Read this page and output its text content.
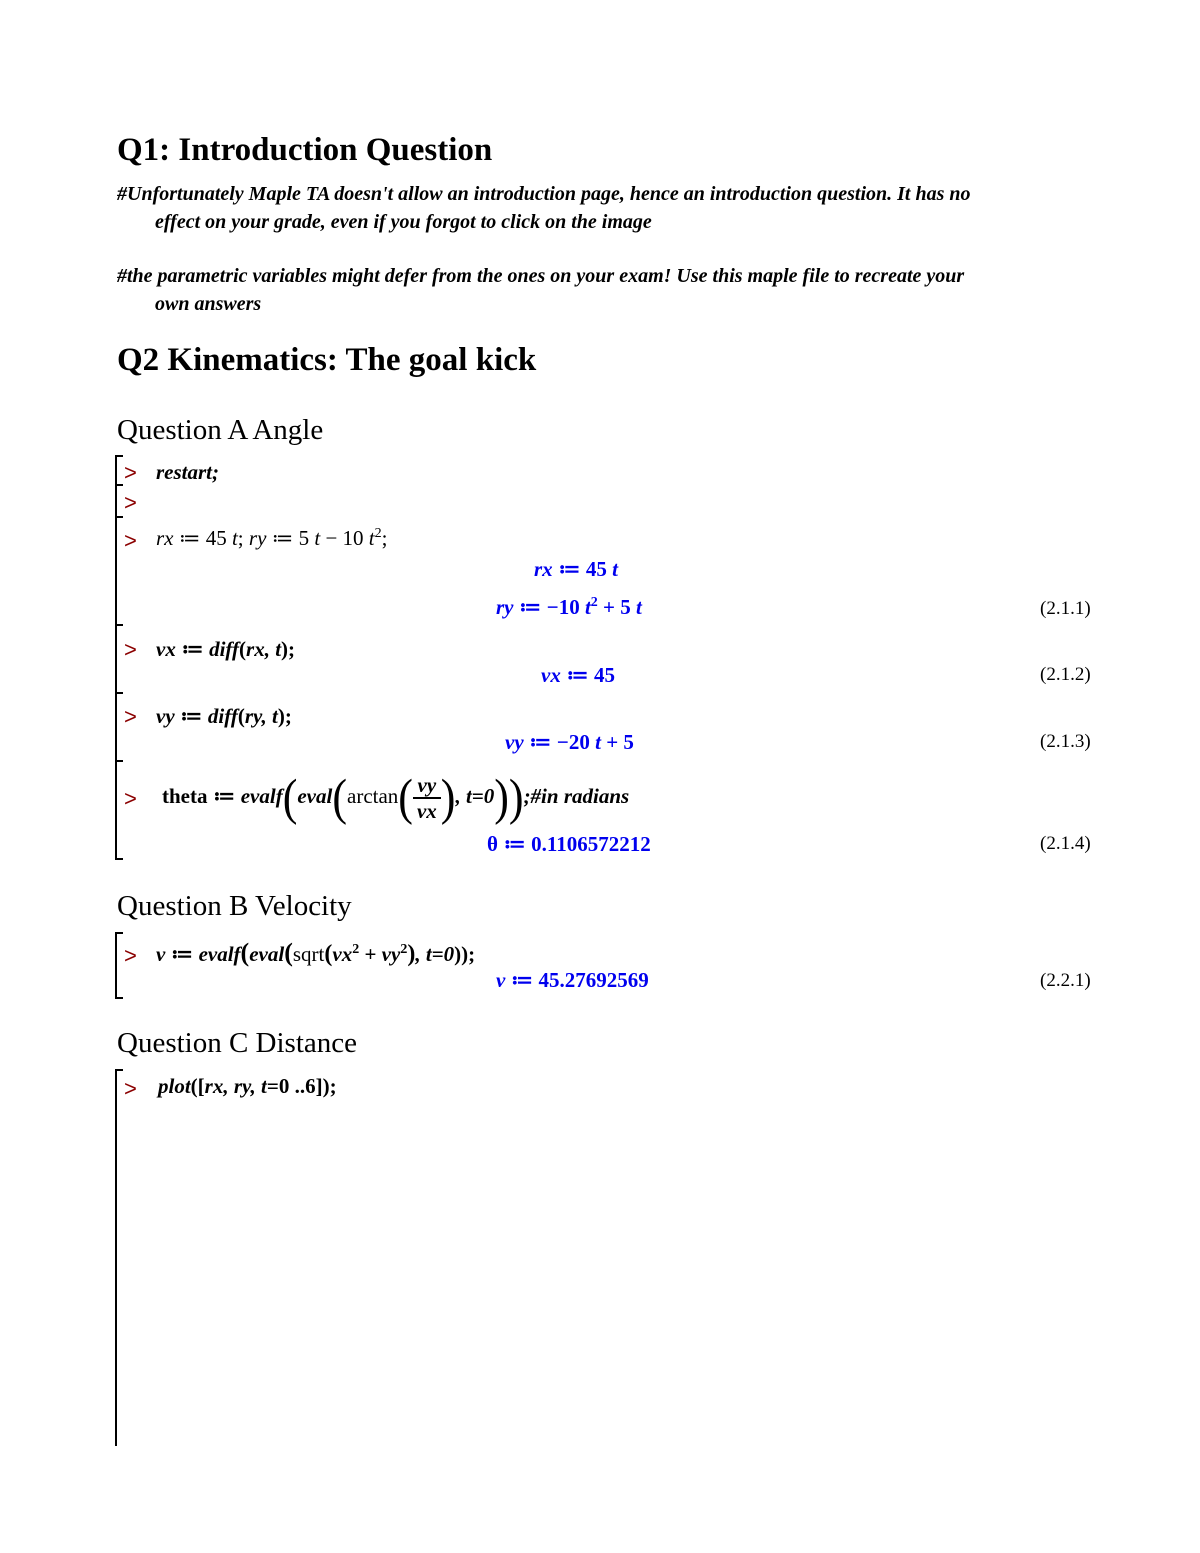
Q1: Introduction Question
#Unfortunately Maple TA doesn't allow an introduction page, hence an introduction question. It has no
effect on your grade, even if you forgot to click on the image
#the parametric variables might defer from the ones on your exam! Use this maple file to recreate your
own answers
Q2 Kinematics: The goal kick
Question A Angle
> restart;
>
> rx ≔ 45 t; ry ≔ 5 t − 10 $t^2$;
rx ≔ 45 t
ry ≔ −10 $t^2 + 5$ t	(2.1.1)
> vx ≔ diff(rx, t);
vx ≔ 45	(2.1.2)
> vy ≔ diff(ry, t);
vy ≔ −20 t + 5	(2.1.3)
> theta ≔ evalf(eval(arctan( $\frac{vy}{vx}$ ), t=0));#in radians
θ ≔ 0.1106572212	(2.1.4)
Question B Velocity
> v ≔ $evalf(eval(sqrt(vx^2 + vy^2)$, t=0));
v ≔ 45.27692569	(2.2.1)
Question C Distance
> plot([rx, ry, t=0 ..6]);
